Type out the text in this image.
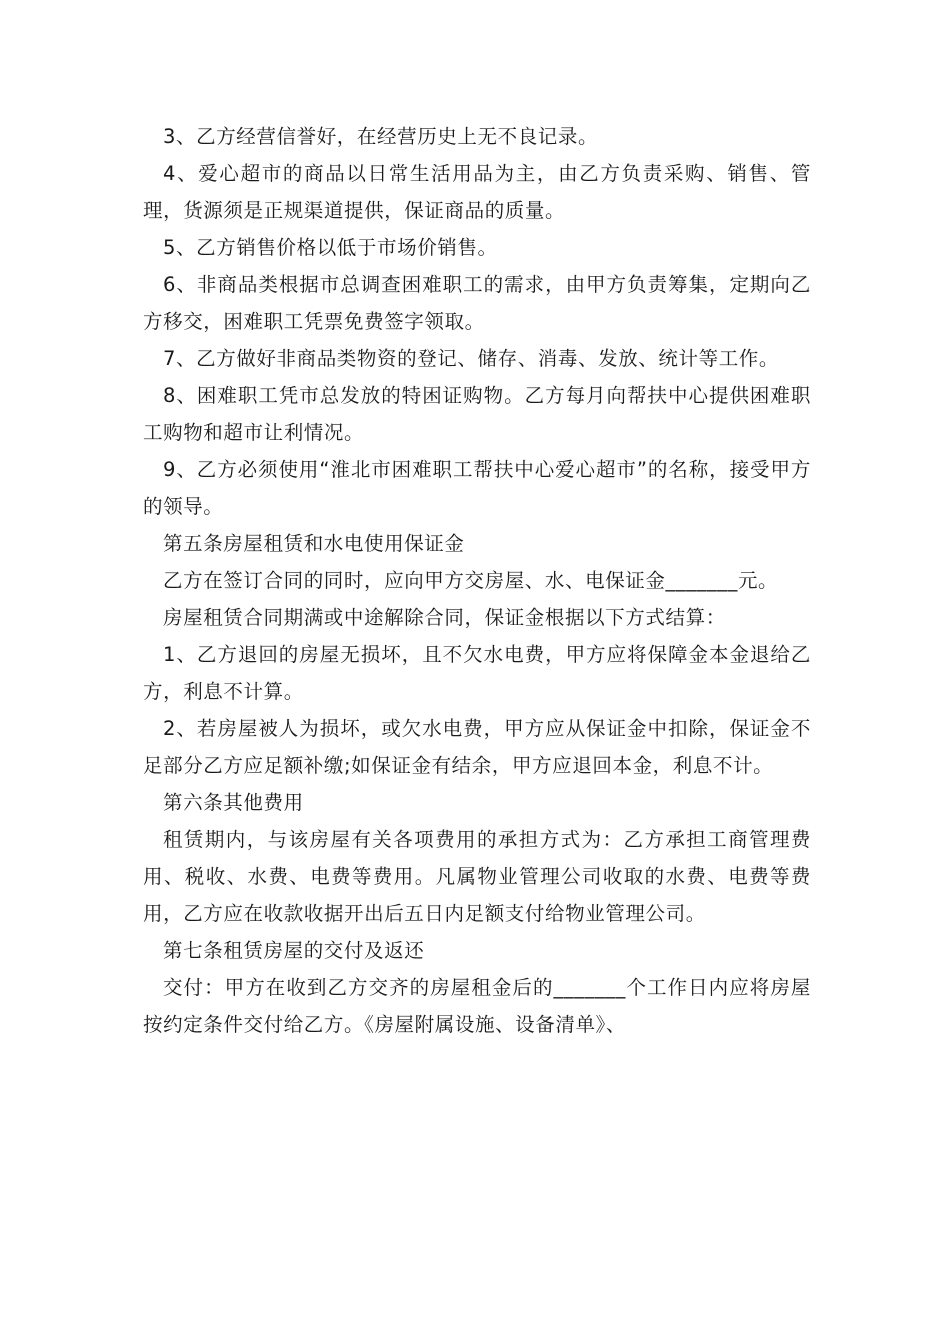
3、乙方经营信誉好，在经营历史上无不良记录。

4、爱心超市的商品以日常生活用品为主，由乙方负责采购、销售、管理，货源须是正规渠道提供，保证商品的质量。

5、乙方销售价格以低于市场价销售。

6、非商品类根据市总调查困难职工的需求，由甲方负责筹集，定期向乙方移交，困难职工凭票免费签字领取。

7、乙方做好非商品类物资的登记、储存、消毒、发放、统计等工作。

8、困难职工凭市总发放的特困证购物。乙方每月向帮扶中心提供困难职工购物和超市让利情况。

9、乙方必须使用“淮北市困难职工帮扶中心爱心超市”的名称，接受甲方的领导。

第五条房屋租赁和水电使用保证金

乙方在签订合同的同时，应向甲方交房屋、水、电保证金_______元。

房屋租赁合同期满或中途解除合同，保证金根据以下方式结算：

1、乙方退回的房屋无损坏，且不欠水电费，甲方应将保障金本金退给乙方，利息不计算。

2、若房屋被人为损坏，或欠水电费，甲方应从保证金中扣除，保证金不足部分乙方应足额补缴;如保证金有结余，甲方应退回本金，利息不计。

第六条其他费用

租赁期内，与该房屋有关各项费用的承担方式为：乙方承担工商管理费用、税收、水费、电费等费用。凡属物业管理公司收取的水费、电费等费用，乙方应在收款收据开出后五日内足额支付给物业管理公司。

第七条租赁房屋的交付及返还

交付：甲方在收到乙方交齐的房屋租金后的_______个工作日内应将房屋按约定条件交付给乙方。《房屋附属设施、设备清单》、
